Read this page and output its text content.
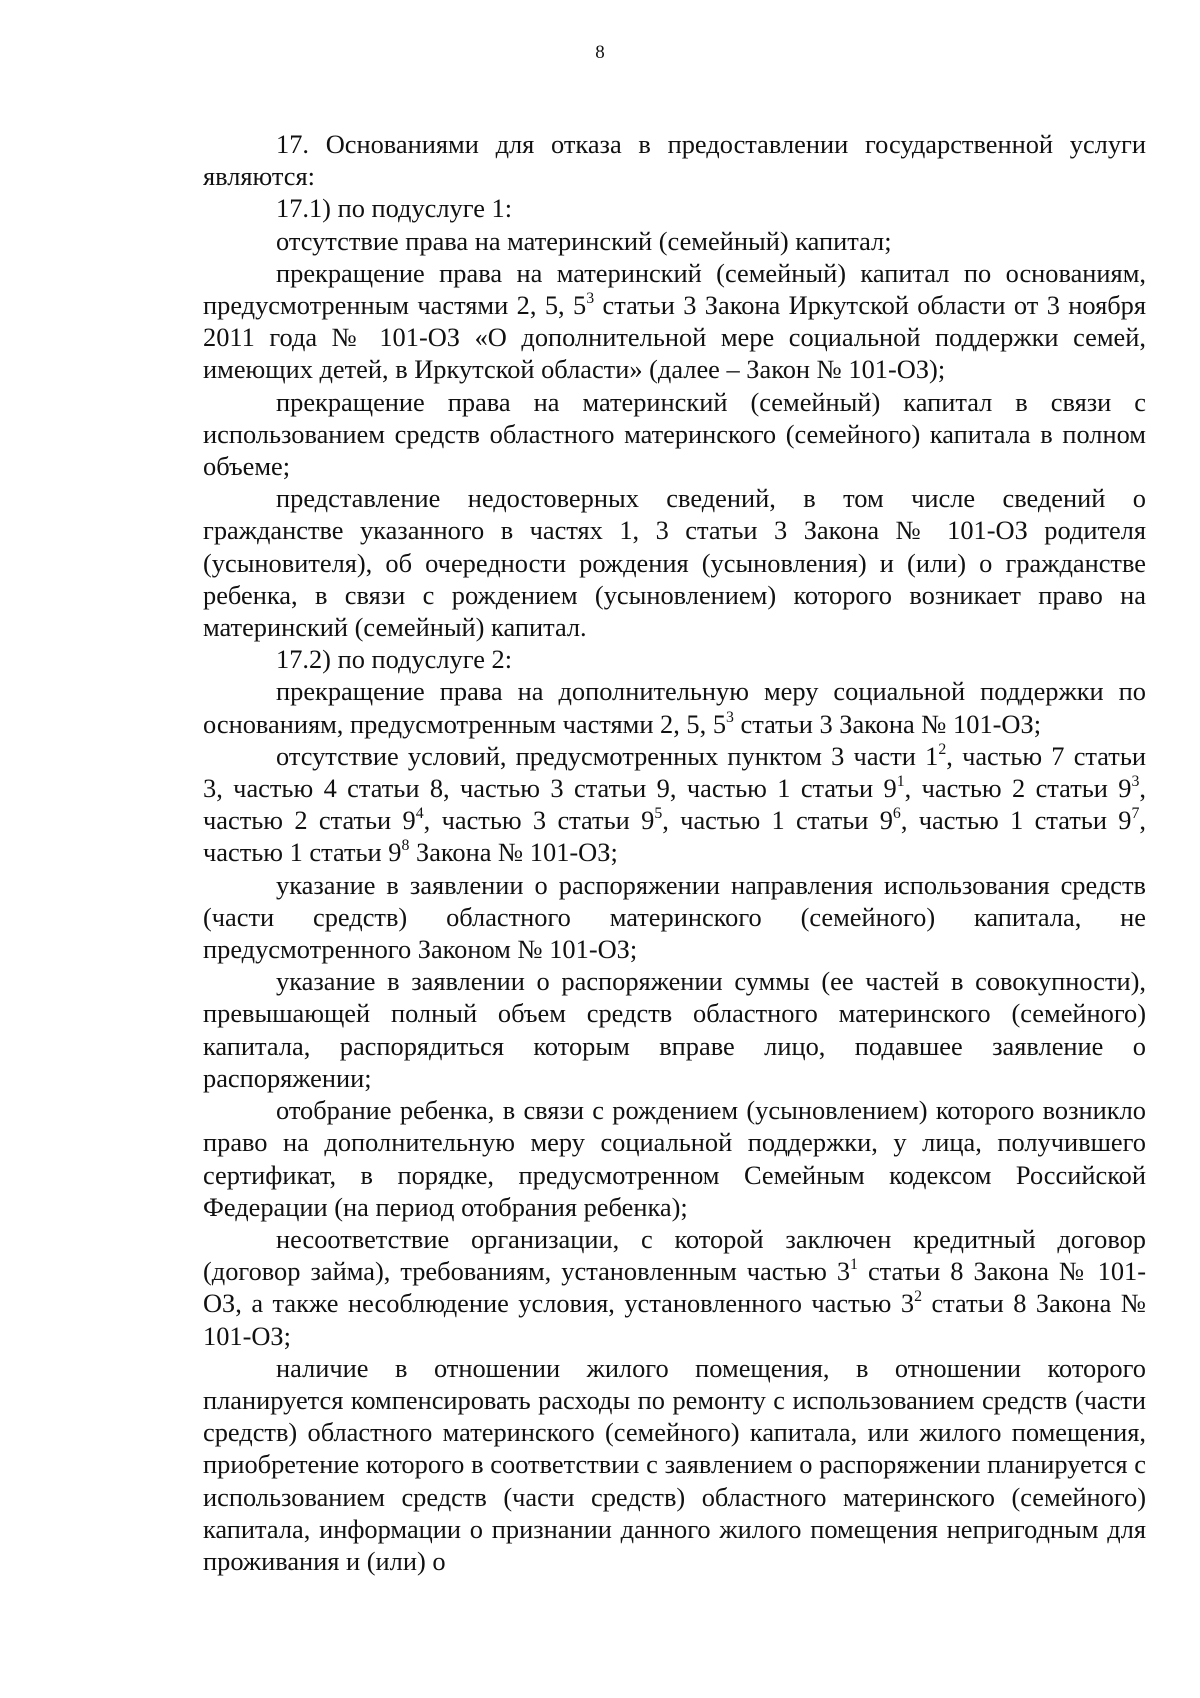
8

17. Основаниями для отказа в предоставлении государственной услуги являются:

17.1) по подуслуге 1:

отсутствие права на материнский (семейный) капитал;

прекращение права на материнский (семейный) капитал по основаниям, предусмотренным частями 2, 5, $5^3$ статьи 3 Закона Иркутской области от 3 ноября 2011 года № 101-ОЗ «О дополнительной мере социальной поддержки семей, имеющих детей, в Иркутской области» (далее – Закон № 101-ОЗ);

прекращение права на материнский (семейный) капитал в связи с использованием средств областного материнского (семейного) капитала в полном объеме;

представление недостоверных сведений, в том числе сведений о гражданстве указанного в частях 1, 3 статьи 3 Закона № 101-ОЗ родителя (усыновителя), об очередности рождения (усыновления) и (или) о гражданстве ребенка, в связи с рождением (усыновлением) которого возникает право на материнский (семейный) капитал.

17.2) по подуслуге 2:

прекращение права на дополнительную меру социальной поддержки по основаниям, предусмотренным частями 2, 5, $5^3$ статьи 3 Закона № 101-ОЗ;

отсутствие условий, предусмотренных пунктом 3 части $1^2$, частью 7 статьи 3, частью 4 статьи 8, частью 3 статьи 9, частью 1 статьи $9^1$, частью 2 статьи $9^3$, частью 2 статьи $9^4$, частью 3 статьи $9^5$, частью 1 статьи $9^6$, частью 1 статьи $9^7$, частью 1 статьи $9^8$ Закона № 101-ОЗ;

указание в заявлении о распоряжении направления использования средств (части средств) областного материнского (семейного) капитала, не предусмотренного Законом № 101-ОЗ;

указание в заявлении о распоряжении суммы (ее частей в совокупности), превышающей полный объем средств областного материнского (семейного) капитала, распорядиться которым вправе лицо, подавшее заявление о распоряжении;

отобрание ребенка, в связи с рождением (усыновлением) которого возникло право на дополнительную меру социальной поддержки, у лица, получившего сертификат, в порядке, предусмотренном Семейным кодексом Российской Федерации (на период отобрания ребенка);

несоответствие организации, с которой заключен кредитный договор (договор займа), требованиям, установленным частью $3^1$ статьи 8 Закона № 101-ОЗ, а также несоблюдение условия, установленного частью $3^2$ статьи 8 Закона № 101-ОЗ;

наличие в отношении жилого помещения, в отношении которого планируется компенсировать расходы по ремонту с использованием средств (части средств) областного материнского (семейного) капитала, или жилого помещения, приобретение которого в соответствии с заявлением о распоряжении планируется с использованием средств (части средств) областного материнского (семейного) капитала, информации о признании данного жилого помещения непригодным для проживания и (или) о
